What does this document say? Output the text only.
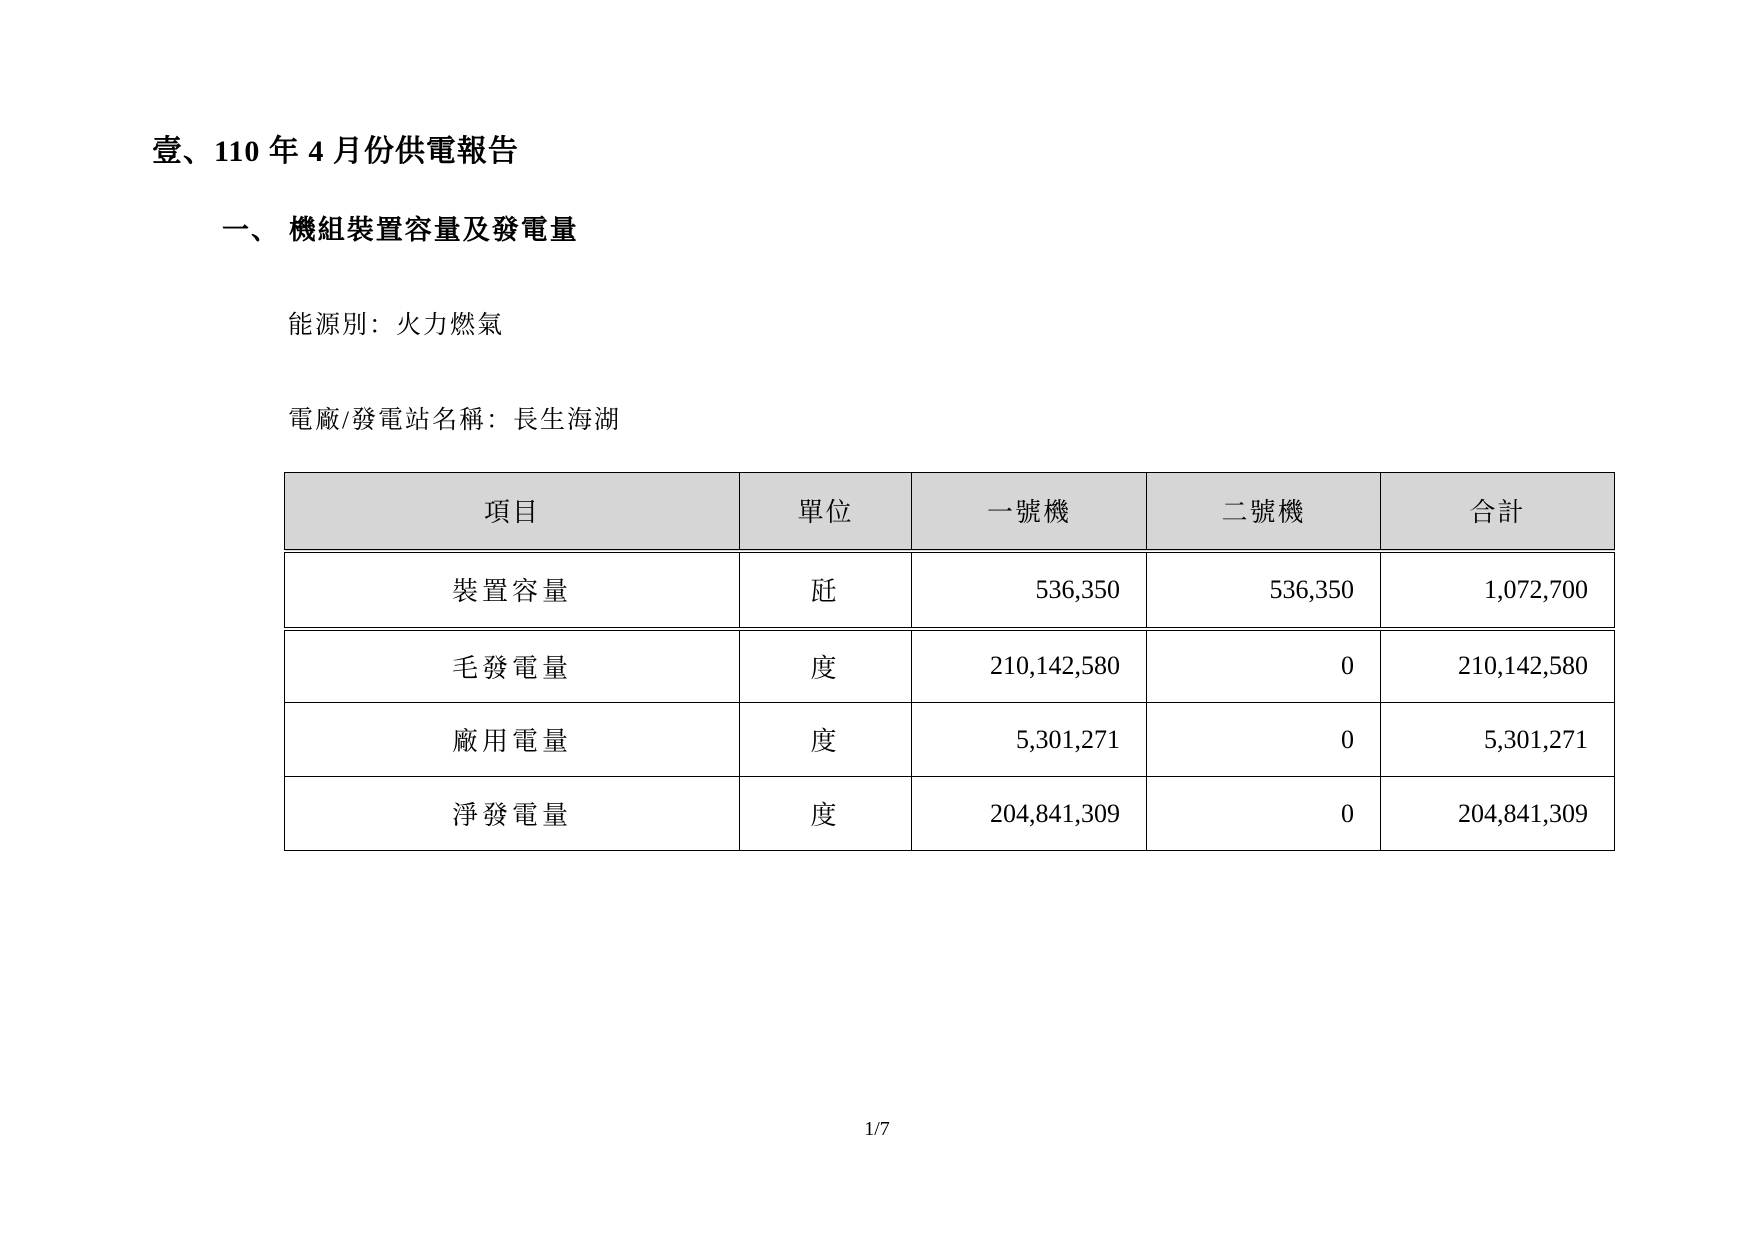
壹、110 年 4 月份供電報告
一、 機組裝置容量及發電量
能源別：火力燃氣
電廠/發電站名稱：長生海湖
項目	單位	一號機	二號機	合計
裝置容量	瓩	536,350	536,350	1,072,700
毛發電量	度	210,142,580	0	210,142,580
廠用電量	度	5,301,271	0	5,301,271
淨發電量	度	204,841,309	0	204,841,309
1/7
